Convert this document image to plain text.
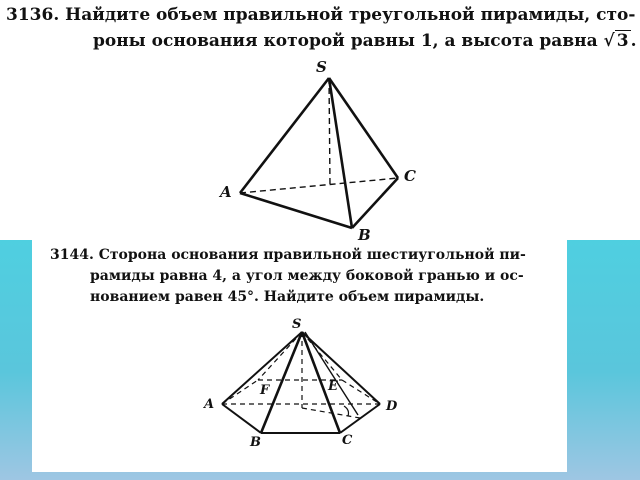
3136. Найдите объем правильной треугольной пирамиды, сто-
роны основания которой равны 1, а высота равна √ 3 .
3144. Сторона основания правильной шестиугольной пи-
рамиды равна 4, а угол между боковой гранью и ос-
нованием равен 45°. Найдите объем пирамиды.
S
A
C
B
S
A
B	C
D
E
F
